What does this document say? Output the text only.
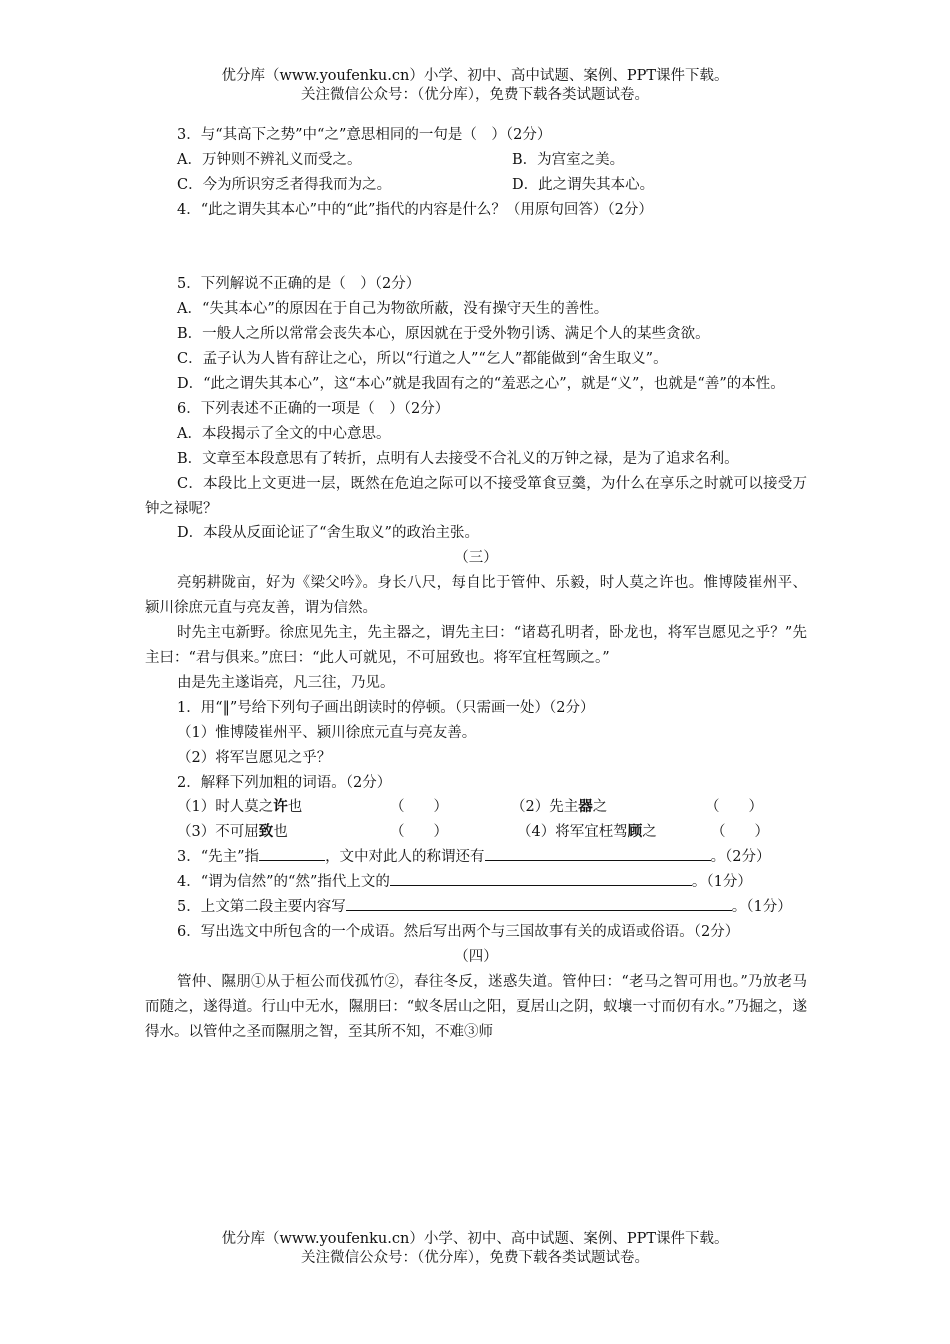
优分库（www.youfenku.cn）小学、初中、高中试题、案例、PPT课件下载。
关注微信公众号：（优分库），免费下载各类试题试卷。

3．与“其高下之势”中“之”意思相同的一句是（　）（2分）

A．万钟则不辨礼义而受之。	B．为宫室之美。
C．今为所识穷乏者得我而为之。	D．此之谓失其本心。

4．“此之谓失其本心”中的“此”指代的内容是什么？（用原句回答）（2分）

5．下列解说不正确的是（　）（2分）

A．“失其本心”的原因在于自己为物欲所蔽，没有操守天生的善性。

B．一般人之所以常常会丧失本心，原因就在于受外物引诱、满足个人的某些贪欲。

C．孟子认为人皆有辞让之心，所以“行道之人”“乞人”都能做到“舍生取义”。

D．“此之谓失其本心”，这“本心”就是我固有之的“羞恶之心”，就是“义”，也就是“善”的本性。

6．下列表述不正确的一项是（　）（2分）

A．本段揭示了全文的中心意思。

B．文章至本段意思有了转折，点明有人去接受不合礼义的万钟之禄，是为了追求名利。

C．本段比上文更进一层，既然在危迫之际可以不接受箪食豆羹，为什么在享乐之时就可以接受万钟之禄呢？

D．本段从反面论证了“舍生取义”的政治主张。

（三）

亮躬耕陇亩，好为《梁父吟》。身长八尺，每自比于管仲、乐毅，时人莫之许也。惟博陵崔州平、颍川徐庶元直与亮友善，谓为信然。

时先主屯新野。徐庶见先主，先主器之，谓先主曰：“诸葛孔明者，卧龙也，将军岂愿见之乎？”先主曰：“君与俱来。”庶曰：“此人可就见，不可屈致也。将军宜枉驾顾之。”

由是先主遂诣亮，凡三往，乃见。

1．用“‖”号给下列句子画出朗读时的停顿。（只需画一处）（2分）

（1）惟博陵崔州平、颍川徐庶元直与亮友善。

（2）将军岂愿见之乎？

2．解释下列加粗的词语。（2分）

（1）时人莫之许也	（　　）	（2）先主器之	（　　）
（3）不可屈致也	（　　）	（4）将军宜枉驾顾之	（　　）

3．“先主”指	，文中对此人的称谓还有	。（2分）

4．“谓为信然”的“然”指代上文的	。（1分）

5．上文第二段主要内容写	。（1分）

6．写出选文中所包含的一个成语。然后写出两个与三国故事有关的成语或俗语。（2分）

（四）

管仲、隰朋①从于桓公而伐孤竹②，春往冬反，迷惑失道。管仲曰：“老马之智可用也。”乃放老马而随之，遂得道。行山中无水，隰朋曰：“蚁冬居山之阳，夏居山之阴，蚁壤一寸而仞有水。”乃掘之，遂得水。以管仲之圣而隰朋之智，至其所不知，不难③师

优分库（www.youfenku.cn）小学、初中、高中试题、案例、PPT课件下载。
关注微信公众号：（优分库），免费下载各类试题试卷。
